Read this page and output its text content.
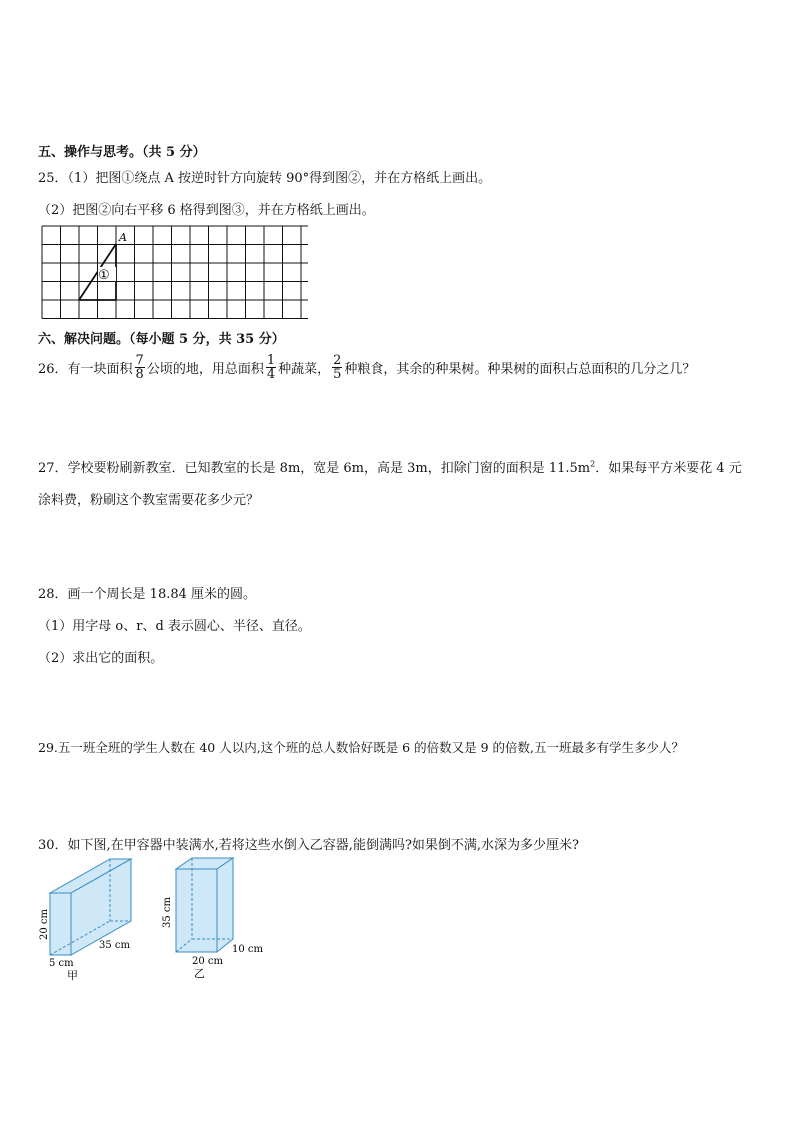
五、操作与思考。（共 5 分）
25．（1）把图①绕点 A 按逆时针方向旋转 90°得到图②，并在方格纸上画出。
（2）把图②向右平移 6 格得到图③，并在方格纸上画出。
①
A
六、解决问题。（每小题 5 分，共 35 分）
26．有一块面积 $\frac{7}{8}$ 公顷的地，用总面积 $\frac{1}{4}$ 种蔬菜， $\frac{2}{5}$ 种粮食，其余的种果树。种果树的面积占总面积的几分之几？
27．学校要粉刷新教室．已知教室的长是 8m，宽是 6m，高是 3m，扣除门窗的面积是 $11.5m^2$．如果每平方米要花 4 元
涂料费，粉刷这个教室需要花多少元？
28．画一个周长是 18.84 厘米的圆。
（1）用字母 o、r、d 表示圆心、半径、直径。
（2）求出它的面积。
29.五一班全班的学生人数在 40 人以内,这个班的总人数恰好既是 6 的倍数又是 9 的倍数,五一班最多有学生多少人？
30．如下图,在甲容器中装满水,若将这些水倒入乙容器,能倒满吗?如果倒不满,水深为多少厘米?
20 cm
35 cm
5 cm
甲
35 cm
10 cm
20 cm
乙
